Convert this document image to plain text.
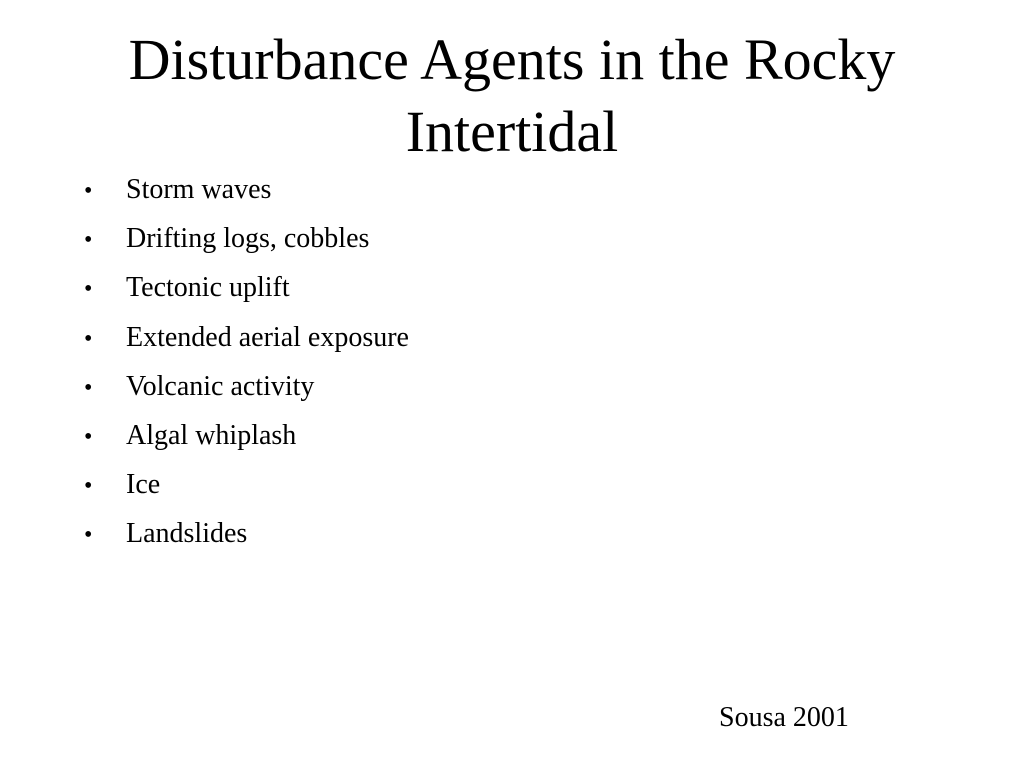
Disturbance Agents in the Rocky Intertidal
•	Storm waves
•	Drifting logs, cobbles
•	Tectonic uplift
•	Extended aerial exposure
•	Volcanic activity
•	Algal whiplash
•	Ice
•	Landslides
Sousa 2001
